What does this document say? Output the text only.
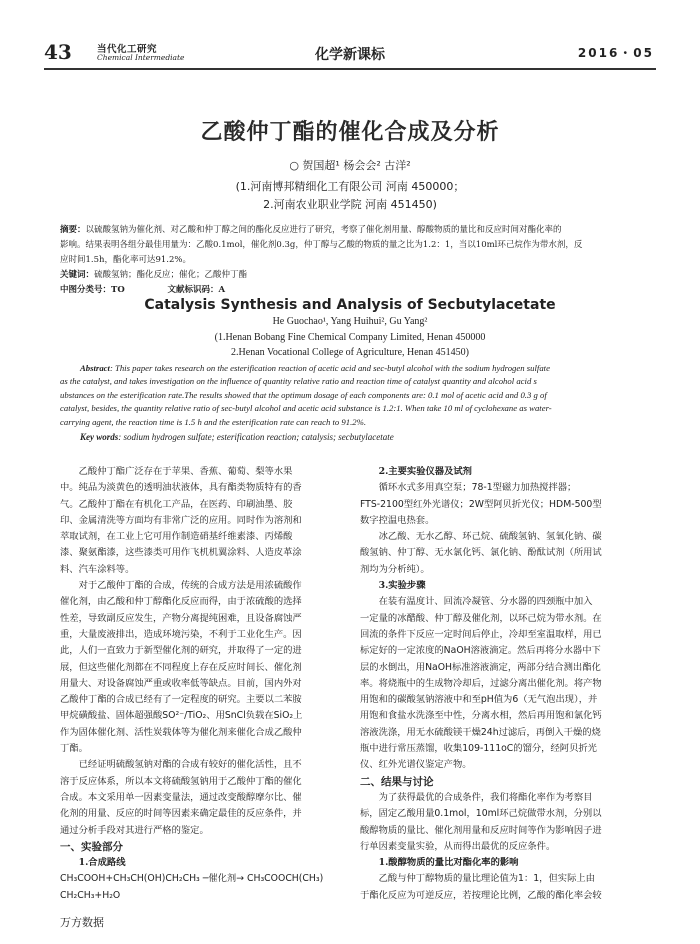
43	当代化工研究
Chemical Intermediate	化学新课标	2016・05
乙酸仲丁酯的催化合成及分析
○ 贺国超¹ 杨会会² 古洋²
(1.河南博邦精细化工有限公司 河南 450000；
2.河南农业职业学院 河南 451450)
摘要：以硫酸氢钠为催化剂、对乙酸和仲丁醇之间的酯化反应进行了研究，考察了催化剂用量、醇酸物质的量比和反应时间对酯化率的
影响。结果表明各组分最佳用量为：乙酸0.1mol，催化剂0.3g，仲丁醇与乙酸的物质的量之比为1.2：1，当以10ml环己烷作为带水剂，反
应时间1.5h，酯化率可达91.2%。
关键词：硫酸氢钠；酯化反应；催化；乙酸仲丁酯
中图分类号：TO	文献标识码：A
Catalysis Synthesis and Analysis of Secbutylacetate
He Guochao¹, Yang Huihui², Gu Yang²
(1.Henan Bobang Fine Chemical Company Limited, Henan 450000
2.Henan Vocational College of Agriculture, Henan 451450)
Abstract: This paper takes research on the esterification reaction of acetic acid and sec-butyl alcohol with the sodium hydrogen sulfate
as the catalyst, and takes investigation on the influence of quantity relative ratio and reaction time of catalyst quantity and alcohol acid s
ubstances on the esterification rate.The results showed that the optimum dosage of each components are: 0.1 mol of acetic acid and 0.3 g of
catalyst, besides, the quantity relative ratio of sec-butyl alcohol and acetic acid substance is 1.2:1. When take 10 ml of cyclohexane as water-
carrying agent, the reaction time is 1.5 h and the esterification rate can reach to 91.2%.
Key words: sodium hydrogen sulfate; esterification reaction; catalysis; secbutylacetate

乙酸仲丁酯广泛存在于苹果、香蕉、葡萄、梨等水果
中。纯品为淡黄色的透明油状液体，具有酯类物质特有的香
气。乙酸仲丁酯在有机化工产品，在医药、印刷油墨、胶
印、金属清洗等方面均有非常广泛的应用。同时作为溶剂和
萃取试剂，在工业上它可用作制造硝基纤维素漆、丙烯酸
漆、聚氨酯漆，这些漆类可用作飞机机翼涂料、人造皮革涂
料、汽车涂料等。

对于乙酸仲丁酯的合成，传统的合成方法是用浓硫酸作
催化剂，由乙酸和仲丁醇酯化反应而得，由于浓硫酸的选择
性差，导致副反应发生，产物分离提纯困难，且设备腐蚀严
重，大量废液排出，造成环境污染，不利于工业化生产。因
此，人们一直致力于新型催化剂的研究，并取得了一定的进
展，但这些催化剂都在不同程度上存在反应时间长、催化剂
用量大、对设备腐蚀严重或收率低等缺点。目前，国内外对
乙酸仲丁酯的合成已经有了一定程度的研究。主要以二苯胺
甲烷磺酸盐、固体超强酸SO²⁻/TiO₂、用SnCl负载在SiO₂上
作为固体催化剂、活性炭载体等为催化剂来催化合成乙酸仲
丁酯。

已经证明硫酸氢钠对酯的合成有较好的催化活性，且不
溶于反应体系，所以本文将硫酸氢钠用于乙酸仲丁酯的催化
合成。本文采用单一因素变量法，通过改变酸醇摩尔比、催
化剂的用量、反应的时间等因素来确定最佳的反应条件，并
通过分析手段对其进行严格的鉴定。

一、实验部分

1.合成路线

CH₃COOH+CH₃CH(OH)CH₂CH₃ ─催化剂→ CH₃COOCH(CH₃)

CH₂CH₃+H₂O

2.主要实验仪器及试剂

循环水式多用真空泵；78-1型磁力加热搅拌器；
FTS-2100型红外光谱仪；2W型阿贝折光仪；HDM-500型
数字控温电热套。

冰乙酸、无水乙醇、环己烷、硫酸氢钠、氢氧化钠、碳
酸氢钠、仲丁醇、无水氯化钙、氯化钠、酚酞试剂（所用试
剂均为分析纯）。

3.实验步骤

在装有温度计、回流冷凝管、分水器的四颈瓶中加入
一定量的冰醋酸、仲丁醇及催化剂，以环己烷为带水剂。在
回流的条件下反应一定时间后停止，冷却至室温取样，用已
标定好的一定浓度的NaOH溶液滴定。然后再将分水器中下
层的水倒出，用NaOH标准溶液滴定，两部分结合测出酯化
率。将烧瓶中的生成物冷却后，过滤分离出催化剂。将产物
用饱和的碳酸氢钠溶液中和至pH值为6（无气泡出现），并
用饱和食盐水洗涤至中性，分离水相，然后再用饱和氯化钙
溶液洗涤，用无水硫酸镁干燥24h过滤后，再倒入干燥的烧
瓶中进行常压蒸馏，收集109-111oC的馏分，经阿贝折光
仪、红外光谱仪鉴定产物。

二、结果与讨论

为了获得最优的合成条件，我们将酯化率作为考察目
标，固定乙酸用量0.1mol，10ml环己烷做带水剂，分别以
酸醇物质的量比、催化剂用量和反应时间等作为影响因子进
行单因素变量实验，从而得出最优的反应条件。

1.酸醇物质的量比对酯化率的影响

乙酸与仲丁醇物质的量比理论值为1：1，但实际上由
于酯化反应为可逆反应，若按理论比例，乙酸的酯化率会较

万方数据
